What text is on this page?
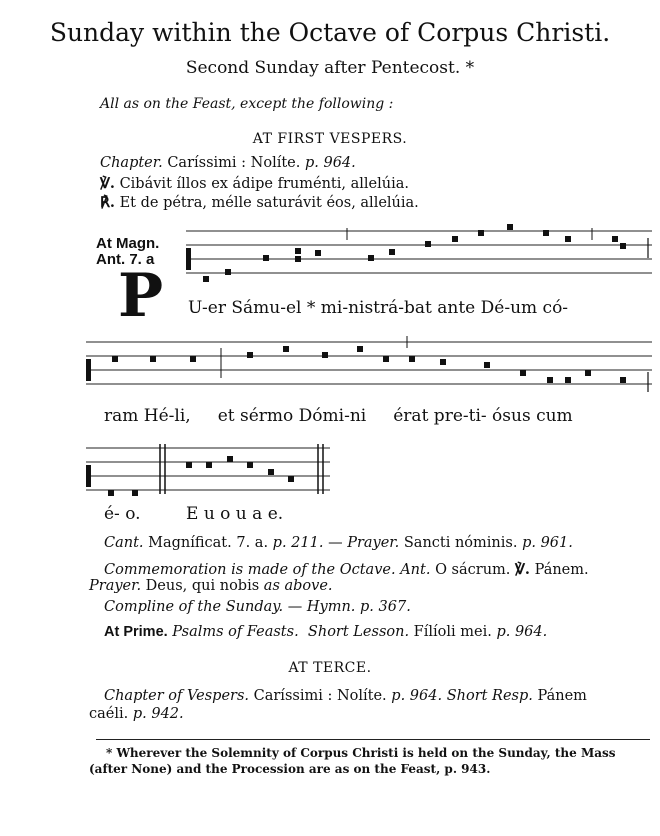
Sunday within the Octave of Corpus Christi.
Second Sunday after Pentecost. *
All as on the Feast, except the following :
AT FIRST VESPERS.
Chapter. Caríssimi : Nolíte. p. 964.
℣. Cibávit íllos ex ádipe fruménti, allelúia.
℟. Et de pétra, mélle saturávit éos, allelúia.
At Magn.
Ant. 7. a
P U-er Sámu-el * mi-nistrá-bat ante Dé-um có-
ram Hé-li,     et sérmo Dómi-ni     érat pre-ti- ósus cum
é- o.	E u o u a e.
Cant. Magníficat. 7. a. p. 211. — Prayer. Sancti nóminis. p. 961.
Commemoration is made of the Octave. Ant. O sácrum. ℣. Pánem.
Prayer. Deus, qui nobis as above.
Compline of the Sunday. — Hymn. p. 367.
At Prime. Psalms of Feasts. Short Lesson. Fílíoli mei. p. 964.
AT TERCE.
Chapter of Vespers. Caríssimi : Nolíte. p. 964. Short Resp. Pánem
caéli. p. 942.
* Wherever the Solemnity of Corpus Christi is held on the Sunday, the Mass
(after None) and the Procession are as on the Feast, p. 943.
